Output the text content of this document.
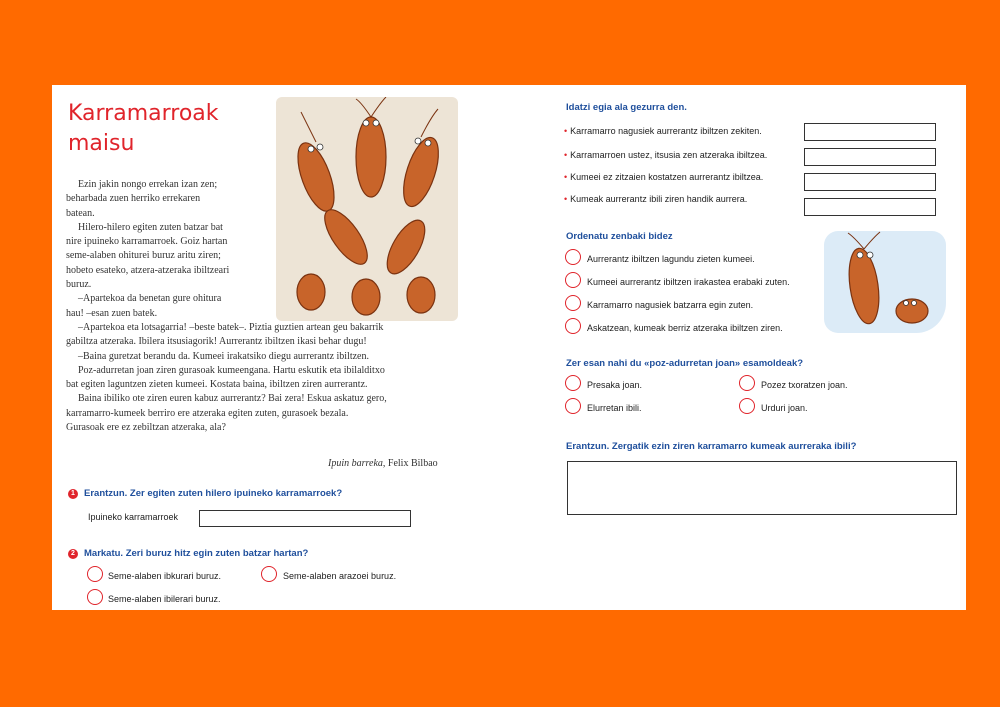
Karramarroak
maisu

Ezin jakin nongo errekan izan zen;

beharbada zuen herriko errekaren

batean.

Hilero-hilero egiten zuten batzar bat

nire ipuineko karramarroek. Goiz hartan

seme-alaben ohiturei buruz aritu ziren;

hobeto esateko, atzera-atzeraka ibiltzeari

buruz.

–Apartekoa da benetan gure ohitura

hau! –esan zuen batek.

–Apartekoa eta lotsagarria! –beste batek–. Piztia guztien artean geu bakarrik

gabiltza atzeraka. Ibilera itsusiagorik! Aurrerantz ibiltzen ikasi behar dugu!

–Baina guretzat berandu da. Kumeei irakatsiko diegu aurrerantz ibiltzen.

Poz-adurretan joan ziren gurasoak kumeengana. Hartu eskutik eta ibilalditxo

bat egiten laguntzen zieten kumeei. Kostata baina, ibiltzen ziren aurrerantz.

Baina ibiliko ote ziren euren kabuz aurrerantz? Bai zera! Eskua askatuz gero,

karramarro-kumeek berriro ere atzeraka egiten zuten, gurasoek bezala.

Gurasoak ere ez zebiltzan atzeraka, ala?

Ipuin barreka, Felix Bilbao
1 Erantzun. Zer egiten zuten hilero ipuineko karramarroek?
Ipuineko karramarroek
2 Markatu. Zeri buruz hitz egin zuten batzar hartan?
Seme-alaben ibkurari buruz.	Seme-alaben arazoei buruz.
Seme-alaben ibilerari buruz.
Idatzi egia ala gezurra den.
• Karramarro nagusiek aurrerantz ibiltzen zekiten.
• Karramarroen ustez, itsusia zen atzeraka ibiltzea.
• Kumeei ez zitzaien kostatzen aurrerantz ibiltzea.
• Kumeak aurrerantz ibili ziren handik aurrera.
Ordenatu zenbaki bidez
Aurrerantz ibiltzen lagundu zieten kumeei.
Kumeei aurrerantz ibiltzen irakastea erabaki zuten.
Karramarro nagusiek batzarra egin zuten.
Askatzean, kumeak berriz atzeraka ibiltzen ziren.
Zer esan nahi du «poz-adurretan joan» esamoldeak?
Presaka joan.	Pozez txoratzen joan.
Elurretan ibili.	Urduri joan.
Erantzun. Zergatik ezin ziren karramarro kumeak aurreraka ibili?
